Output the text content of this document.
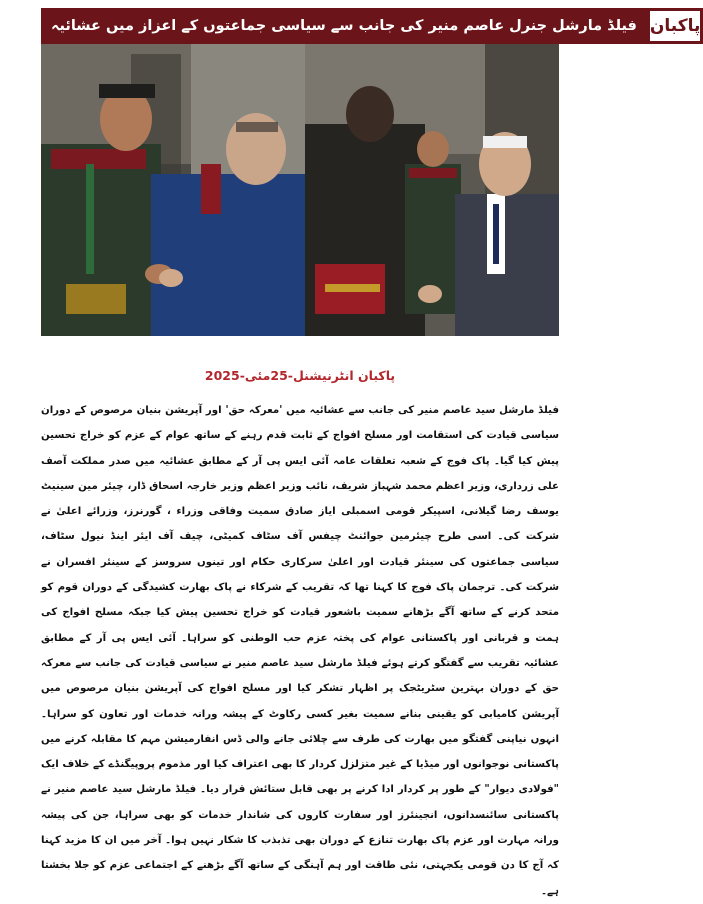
فیلڈ مارشل جنرل عاصم منیر کی جانب سے سیاسی جماعتوں کے اعزاز میں عشائیہ پاکبان
پاکبان انٹرنیشنل-25مئی-2025
فیلڈ مارشل سید عاصم منیر کی جانب سے عشائیہ میں 'معرکہ حق' اور آپریشن بنیان مرصوص کے دوران سیاسی قیادت کی استقامت اور مسلح افواج کے ثابت قدم رہنے کے ساتھ عوام کے عزم کو خراج تحسین پیش کیا گیا۔ پاک فوج کے شعبہ تعلقات عامہ آئی ایس پی آر کے مطابق عشائیہ میں صدر مملکت آصف علی زرداری، وزیر اعظم محمد شہباز شریف، نائب وزیر اعظم وزیر خارجہ اسحاق ڈار، چیئر مین سینیٹ یوسف رضا گیلانی، اسپیکر قومی اسمبلی ایاز صادق سمیت وفاقی وزراء ، گورنرز، وزرائے اعلیٰ نے شرکت کی۔ اسی طرح چیئرمین جوائنٹ چیفس آف سٹاف کمیٹی، چیف آف ایئر اینڈ نیول سٹاف، سیاسی جماعتوں کی سینئر قیادت اور اعلیٰ سرکاری حکام اور تینوں سروسز کے سینئر افسران نے شرکت کی۔ ترجمان پاک فوج کا کہنا تھا کہ تقریب کے شرکاء نے پاک بھارت کشیدگی کے دوران قوم کو متحد کرنے کے ساتھ آگے بڑھانے سمیت باشعور قیادت کو خراج تحسین پیش کیا جبکہ مسلح افواج کی ہمت و قربانی اور پاکستانی عوام کی پختہ عزم حب الوطنی کو سراہا۔ آئی ایس پی آر کے مطابق عشائیہ تقریب سے گفتگو کرتے ہوئے فیلڈ مارشل سید عاصم منیر نے سیاسی قیادت کی جانب سے معرکہ حق کے دوران بہترین سٹریٹجک پر اظہار تشکر کیا اور مسلح افواج کی آپریشن بنیان مرصوص میں آپریشن کامیابی کو یقینی بنانے سمیت بغیر کسی رکاوٹ کے پیشہ ورانہ خدمات اور تعاون کو سراہا۔ انہوں نیاپنی گفتگو میں بھارت کی طرف سے چلائی جانے والی ڈس انفارمیشن مہم کا مقابلہ کرنے میں پاکستانی نوجوانوں اور میڈیا کے غیر متزلزل کردار کا بھی اعتراف کیا اور مذموم پروپیگنڈے کے خلاف ایک "فولادی دیوار" کے طور پر کردار ادا کرنے پر بھی قابل ستائش قرار دیا۔ فیلڈ مارشل سید عاصم منیر نے پاکستانی سائنسدانوں، انجینئرز اور سفارت کاروں کی شاندار خدمات کو بھی سراہا، جن کی پیشہ ورانہ مہارت اور عزم پاک بھارت تنازع کے دوران بھی تذبذب کا شکار نہیں ہوا۔ آخر میں ان کا مزید کہنا کہ آج کا دن قومی یکجہتی، نئی طاقت اور ہم آہنگی کے ساتھ آگے بڑھنے کے اجتماعی عزم کو جلا بخشتا ہے۔
